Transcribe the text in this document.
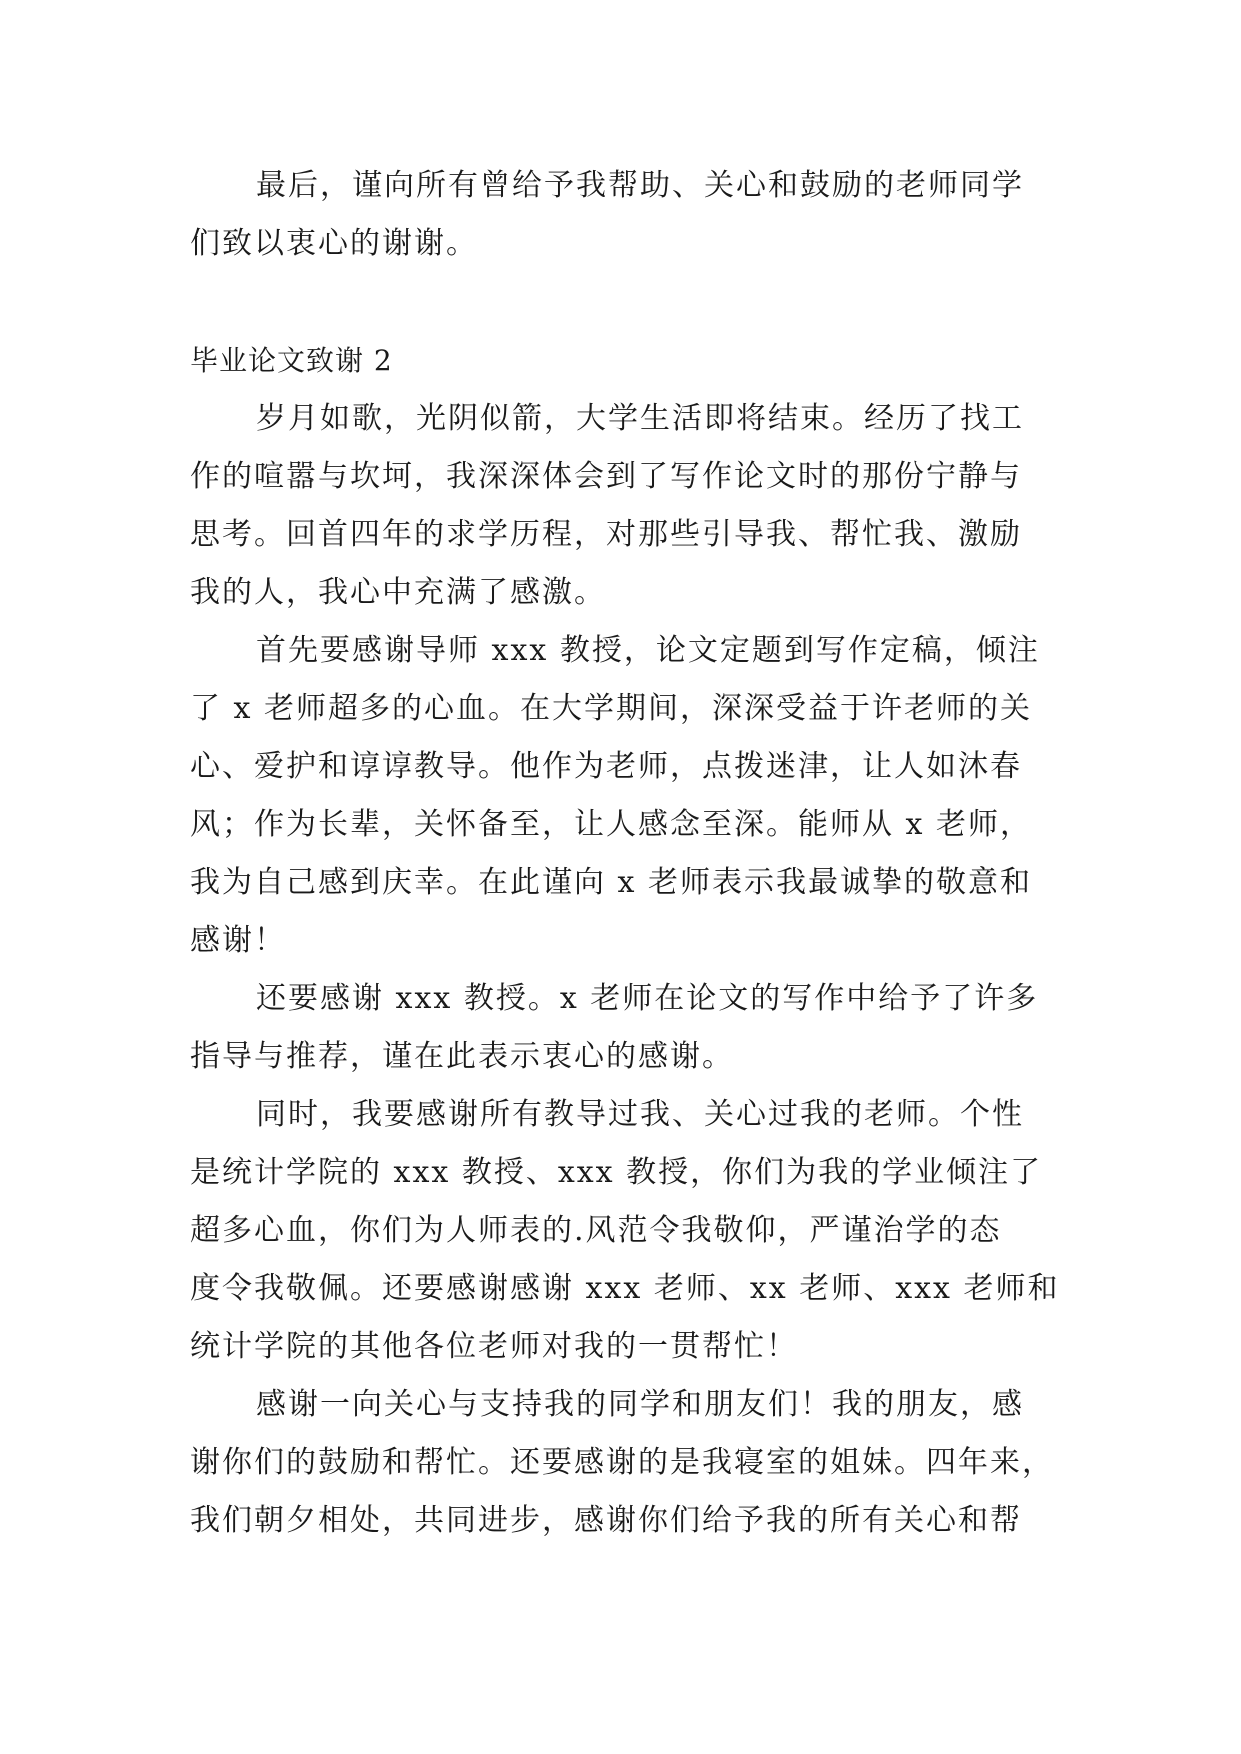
最后，谨向所有曾给予我帮助、关心和鼓励的老师同学
们致以衷心的谢谢。
毕业论文致谢 2
岁月如歌，光阴似箭，大学生活即将结束。经历了找工
作的喧嚣与坎坷，我深深体会到了写作论文时的那份宁静与
思考。回首四年的求学历程，对那些引导我、帮忙我、激励
我的人，我心中充满了感激。
首先要感谢导师 xxx 教授，论文定题到写作定稿，倾注
了 x 老师超多的心血。在大学期间，深深受益于许老师的关
心、爱护和谆谆教导。他作为老师，点拨迷津，让人如沐春
风；作为长辈，关怀备至，让人感念至深。能师从 x 老师，
我为自己感到庆幸。在此谨向 x 老师表示我最诚挚的敬意和
感谢！
还要感谢 xxx 教授。x 老师在论文的写作中给予了许多
指导与推荐，谨在此表示衷心的感谢。
同时，我要感谢所有教导过我、关心过我的老师。个性
是统计学院的 xxx 教授、xxx 教授，你们为我的学业倾注了
超多心血，你们为人师表的.风范令我敬仰，严谨治学的态
度令我敬佩。还要感谢感谢 xxx 老师、xx 老师、xxx 老师和
统计学院的其他各位老师对我的一贯帮忙！
感谢一向关心与支持我的同学和朋友们！我的朋友，感
谢你们的鼓励和帮忙。还要感谢的是我寝室的姐妹。四年来，
我们朝夕相处，共同进步，感谢你们给予我的所有关心和帮
